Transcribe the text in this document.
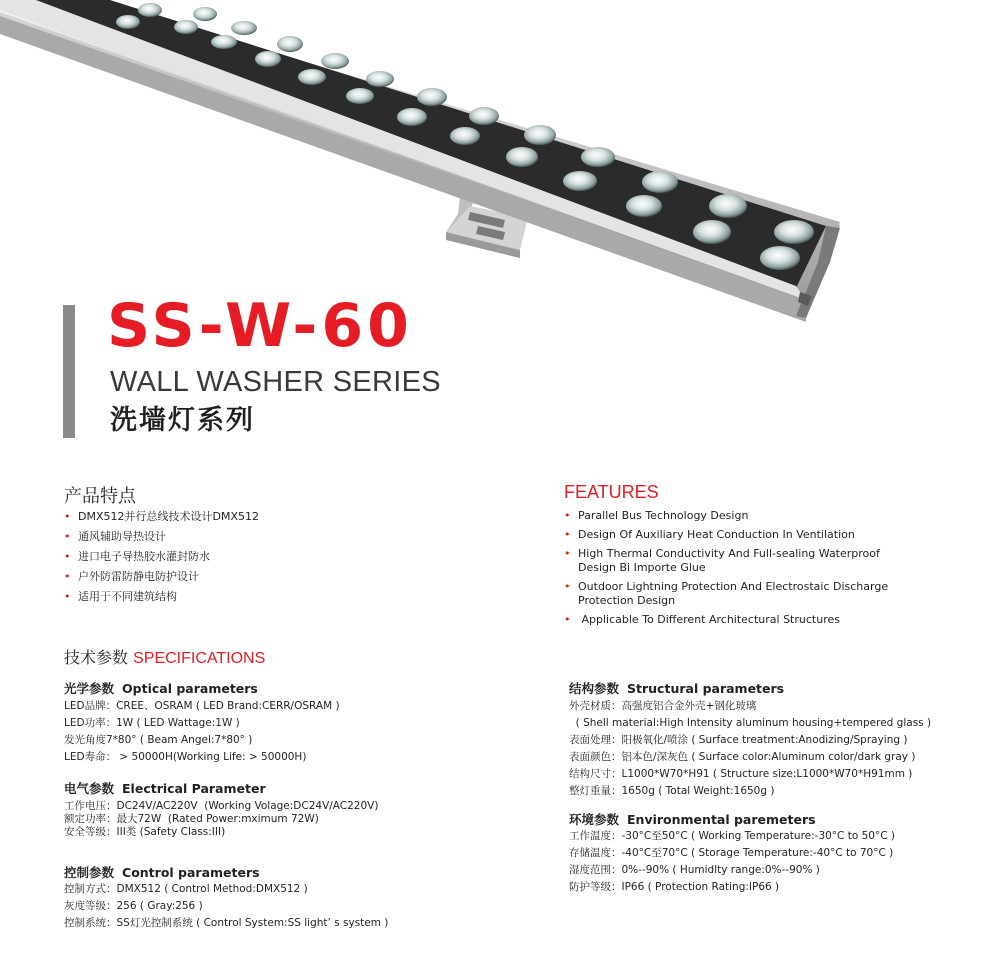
SS-W-60
WALL WASHER SERIES
洗墙灯系列
产品特点
• DMX512并行总线技术设计DMX512
• 通风辅助导热设计
• 进口电子导热胶水灌封防水
• 户外防雷防静电防护设计
• 适用于不同建筑结构
FEATURES
• Parallel Bus Technology Design
• Design Of Auxiliary Heat Conduction In Ventilation
• High Thermal Conductivity And Full-sealing Waterproof Design Bi Importe Glue
• Outdoor Lightning Protection And Electrostaic Discharge Protection Design
• Applicable To Different Architectural Structures
技术参数 SPECIFICATIONS
光学参数 Optical parameters
LED品牌：CREE、OSRAM ( LED Brand:CERR/OSRAM )
LED功率：1W ( LED Wattage:1W )
发光角度7*80° ( Beam Angel:7*80° )
LED寿命： > 50000H(Working Life: > 50000H)
电气参数 Electrical Parameter
工作电压：DC24V/AC220V  (Working Volage:DC24V/AC220V)
额定功率：最大72W  (Rated Power:mximum 72W)
安全等级：III类 (Safety Class:III)
控制参数 Control parameters
控制方式：DMX512 ( Control Method:DMX512 )
灰度等级：256 ( Gray:256 )
控制系统：SS灯光控制系统 ( Control System:SS light’ s system )
结构参数 Structural parameters
外壳材质：高强度铝合金外壳+钢化玻璃
( Shell material:High Intensity aluminum housing+tempered glass )
表面处理：阳极氧化/喷涂 ( Surface treatment:Anodizing/Spraying )
表面颜色：铝本色/深灰色 ( Surface color:Aluminum color/dark gray )
结构尺寸：L1000*W70*H91 ( Structure size:L1000*W70*H91mm )
整灯重量：1650g ( Total Weight:1650g )
环境参数 Environmental paremeters
工作温度：-30°C至50°C ( Working Temperature:-30°C to 50°C )
存储温度：-40°C至70°C ( Storage Temperature:-40°C to 70°C )
湿度范围：0%--90% ( Humidlty range:0%--90% )
防护等级：IP66 ( Protection Rating:IP66 )
